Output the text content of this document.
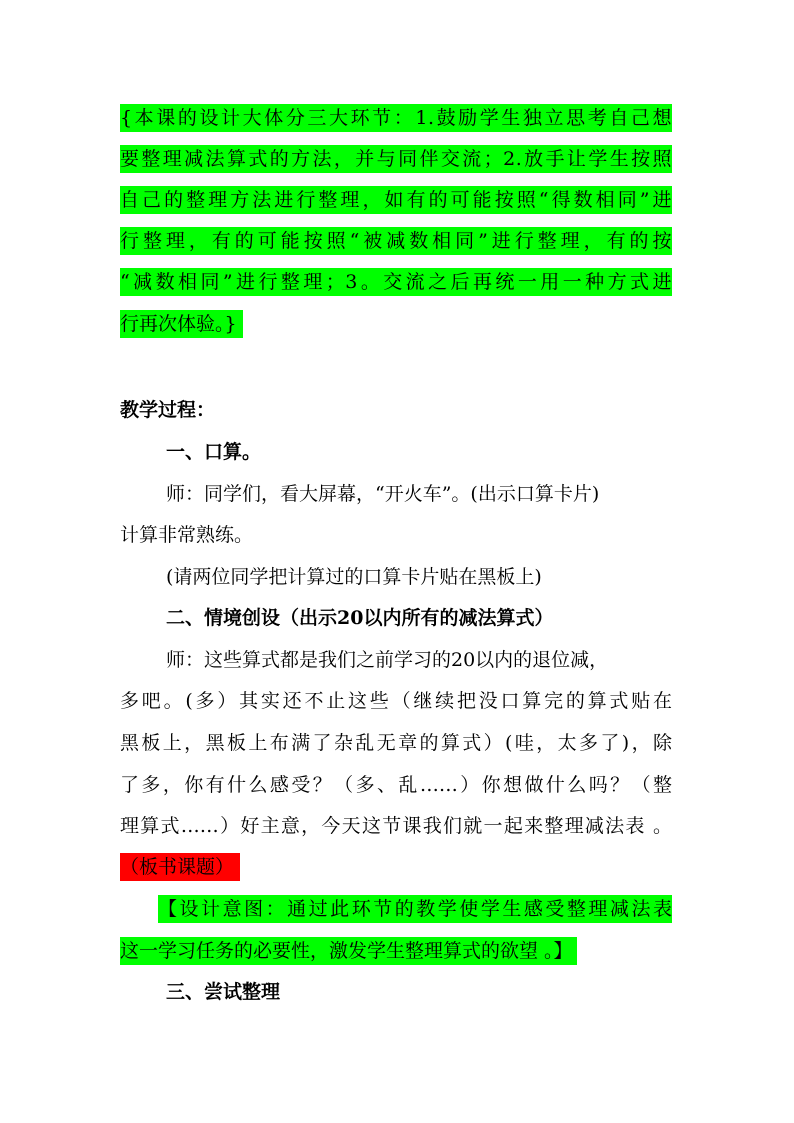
{本课的设计大体分三大环节：1.鼓励学生独立思考自己想
要整理减法算式的方法，并与同伴交流；2.放手让学生按照
自己的整理方法进行整理，如有的可能按照“得数相同”进
行整理，有的可能按照“被减数相同”进行整理，有的按
“减数相同”进行整理；3。交流之后再统一用一种方式进
行再次体验。}
教学过程：
一、口算。
师：同学们，看大屏幕，“开火车”。(出示口算卡片)
计算非常熟练。
(请两位同学把计算过的口算卡片贴在黑板上)
二、情境创设（出示20以内所有的减法算式）
师：这些算式都是我们之前学习的20以内的退位减，
多吧。(多）其实还不止这些（继续把没口算完的算式贴在
黑板上，黑板上布满了杂乱无章的算式）(哇，太多了)，除
了多，你有什么感受？（多、乱……）你想做什么吗？（整
理算式……）好主意，今天这节课我们就一起来整理减法表 。
（板书课题）
【设计意图：通过此环节的教学使学生感受整理减法表
这一学习任务的必要性，激发学生整理算式的欲望 。】
三、尝试整理
